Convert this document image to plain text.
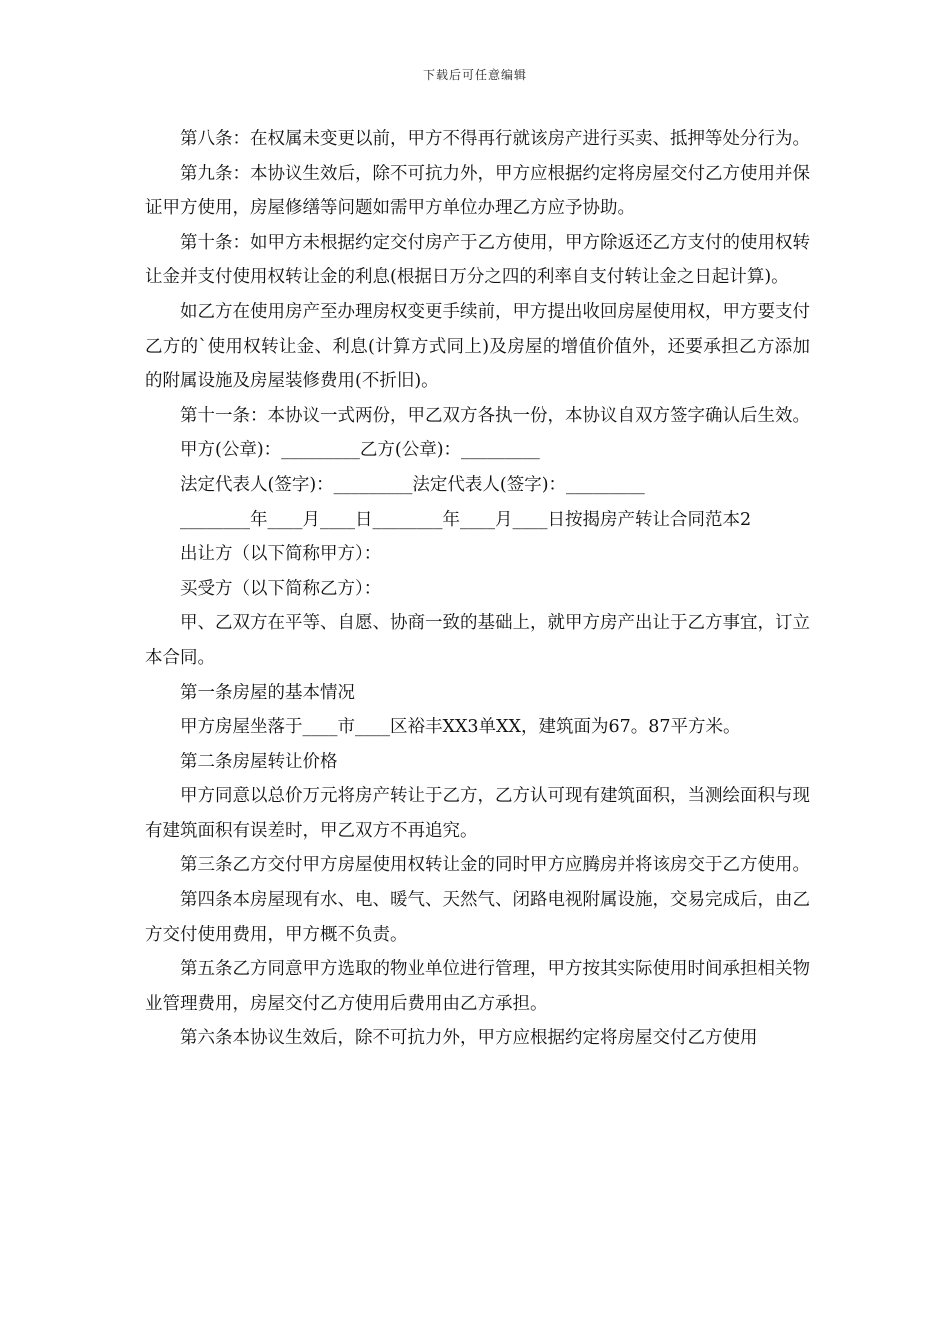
下载后可任意编辑

第八条：在权属未变更以前，甲方不得再行就该房产进行买卖、抵押等处分行为。

第九条：本协议生效后，除不可抗力外，甲方应根据约定将房屋交付乙方使用并保证甲方使用，房屋修缮等问题如需甲方单位办理乙方应予协助。

第十条：如甲方未根据约定交付房产于乙方使用，甲方除返还乙方支付的使用权转让金并支付使用权转让金的利息(根据日万分之四的利率自支付转让金之日起计算)。

如乙方在使用房产至办理房权变更手续前，甲方提出收回房屋使用权，甲方要支付乙方的`使用权转让金、利息(计算方式同上)及房屋的增值价值外，还要承担乙方添加的附属设施及房屋装修费用(不折旧)。

第十一条：本协议一式两份，甲乙双方各执一份，本协议自双方签字确认后生效。

甲方(公章)：_________乙方(公章)：_________

法定代表人(签字)：_________法定代表人(签字)：_________

________年____月____日________年____月____日按揭房产转让合同范本2

出让方（以下简称甲方）：

买受方（以下简称乙方）：

甲、乙双方在平等、自愿、协商一致的基础上，就甲方房产出让于乙方事宜，订立本合同。

第一条房屋的基本情况

甲方房屋坐落于____市____区裕丰XX3单XX，建筑面为67。87平方米。

第二条房屋转让价格

甲方同意以总价万元将房产转让于乙方，乙方认可现有建筑面积，当测绘面积与现有建筑面积有误差时，甲乙双方不再追究。

第三条乙方交付甲方房屋使用权转让金的同时甲方应腾房并将该房交于乙方使用。

第四条本房屋现有水、电、暖气、天然气、闭路电视附属设施，交易完成后，由乙方交付使用费用，甲方概不负责。

第五条乙方同意甲方选取的物业单位进行管理，甲方按其实际使用时间承担相关物业管理费用，房屋交付乙方使用后费用由乙方承担。

第六条本协议生效后，除不可抗力外，甲方应根据约定将房屋交付乙方使用
